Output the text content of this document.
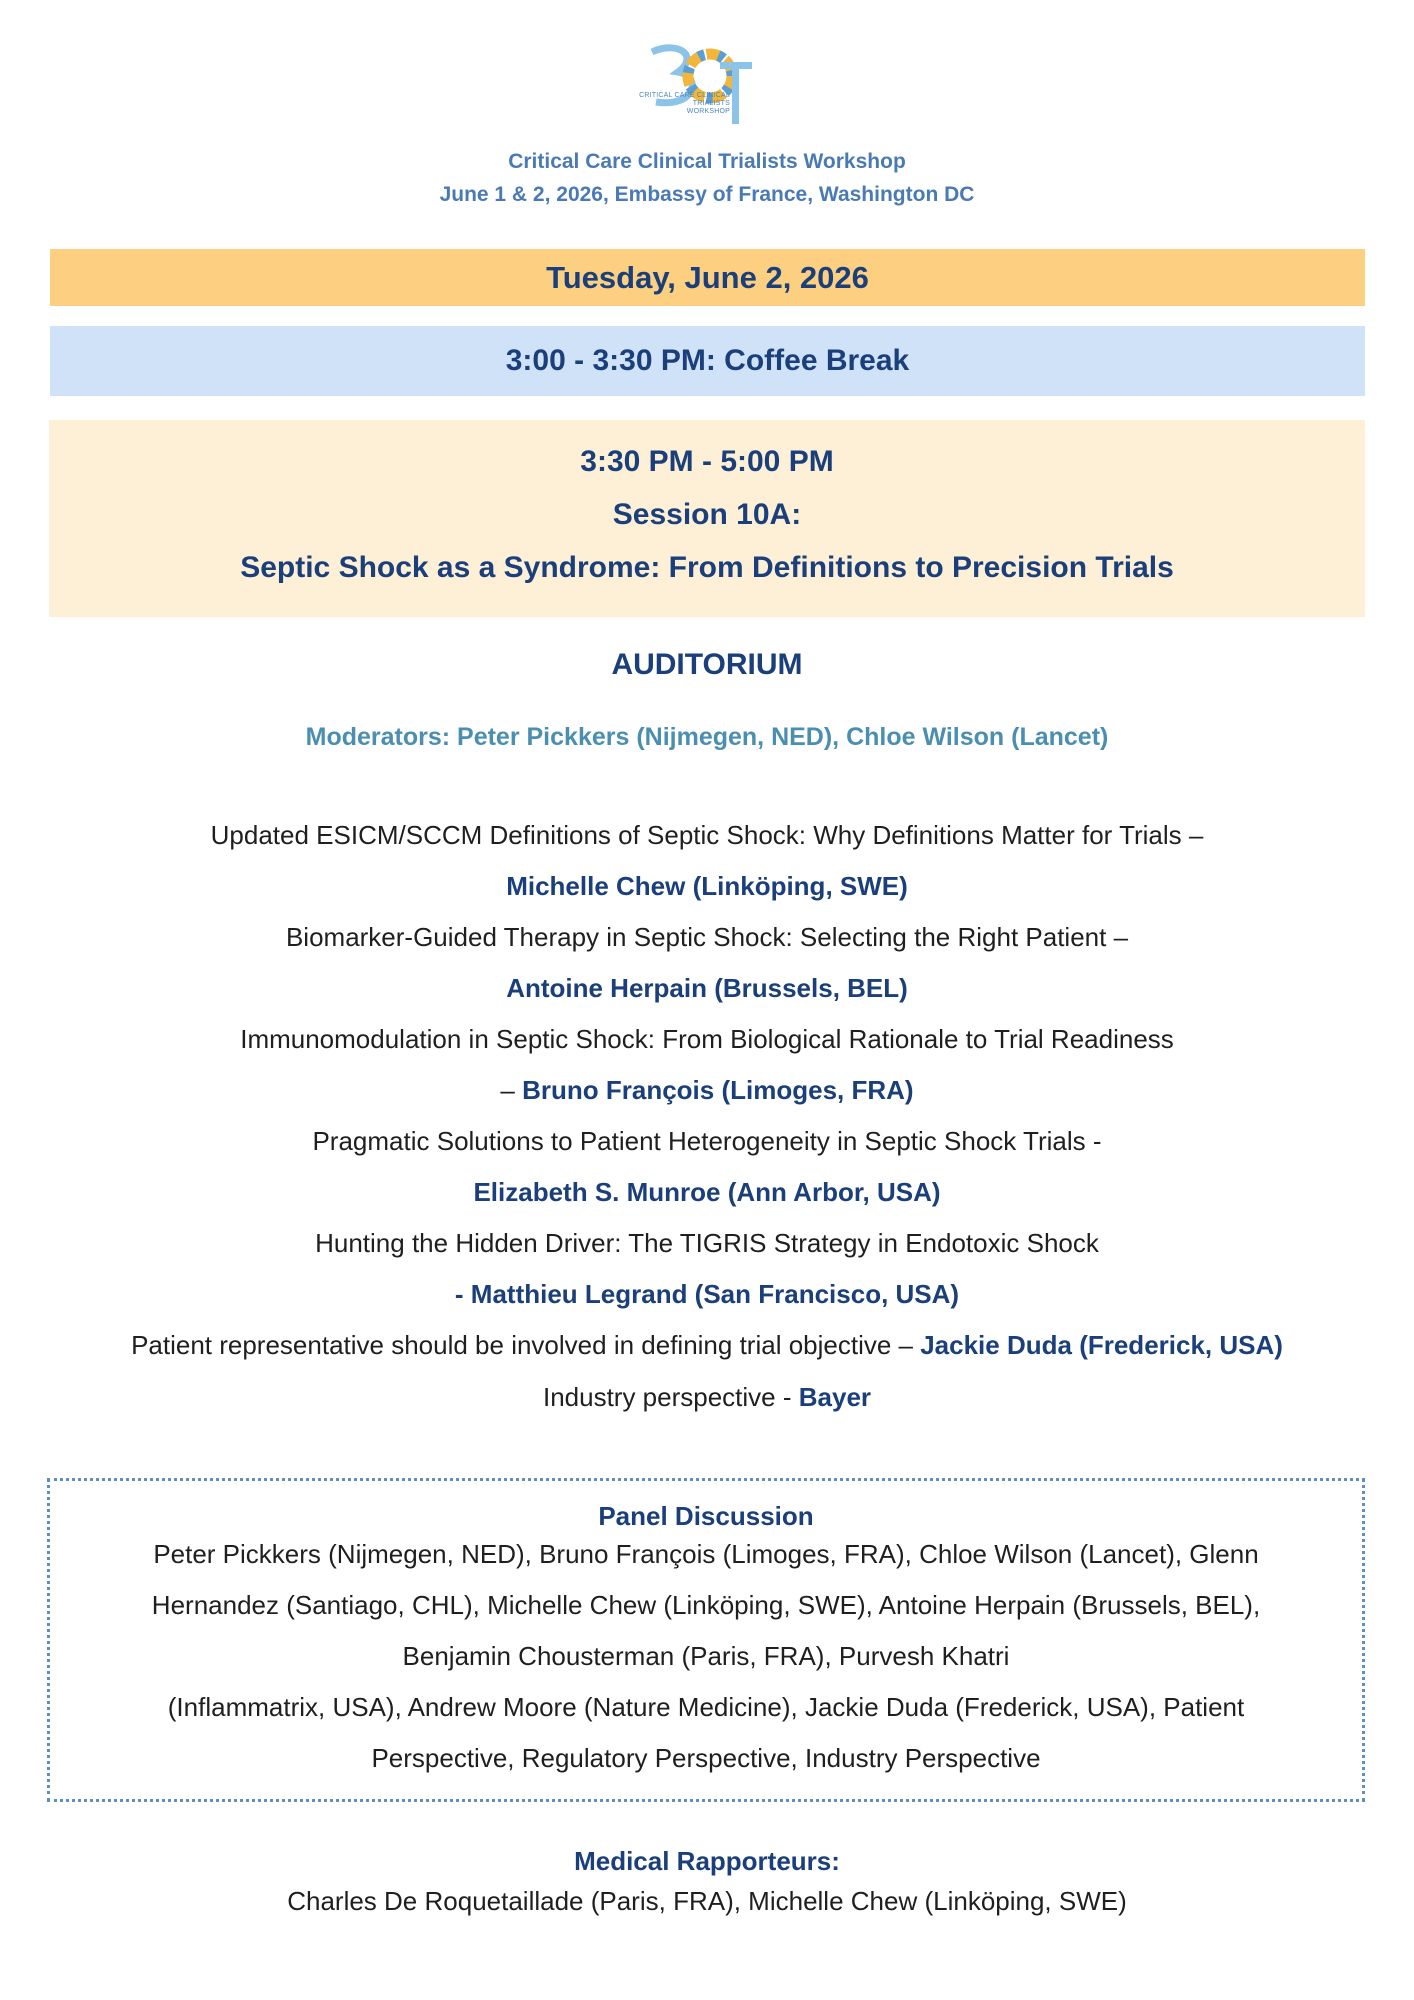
CRITICAL CARE CLINICAL
TRIALISTS
WORKSHOP
Critical Care Clinical Trialists Workshop
June 1 & 2, 2026, Embassy of France, Washington DC
Tuesday, June 2, 2026
3:00 - 3:30 PM: Coffee Break
3:30 PM - 5:00 PM
Session 10A:
Septic Shock as a Syndrome: From Definitions to Precision Trials
AUDITORIUM
Moderators: Peter Pickkers (Nijmegen, NED), Chloe Wilson (Lancet)
Updated ESICM/SCCM Definitions of Septic Shock: Why Definitions Matter for Trials –
Michelle Chew (Linköping, SWE)
Biomarker-Guided Therapy in Septic Shock: Selecting the Right Patient –
Antoine Herpain (Brussels, BEL)
Immunomodulation in Septic Shock: From Biological Rationale to Trial Readiness
– Bruno François (Limoges, FRA)
Pragmatic Solutions to Patient Heterogeneity in Septic Shock Trials -
Elizabeth S. Munroe (Ann Arbor, USA)
Hunting the Hidden Driver: The TIGRIS Strategy in Endotoxic Shock
- Matthieu Legrand (San Francisco, USA)
Patient representative should be involved in defining trial objective – Jackie Duda (Frederick, USA)
Industry perspective - Bayer
Panel Discussion
Peter Pickkers (Nijmegen, NED), Bruno François (Limoges, FRA), Chloe Wilson (Lancet), Glenn
Hernandez (Santiago, CHL), Michelle Chew (Linköping, SWE), Antoine Herpain (Brussels, BEL),
Benjamin Chousterman (Paris, FRA), Purvesh Khatri
(Inflammatrix, USA), Andrew Moore (Nature Medicine), Jackie Duda (Frederick, USA), Patient
Perspective, Regulatory Perspective, Industry Perspective
Medical Rapporteurs:
Charles De Roquetaillade (Paris, FRA), Michelle Chew (Linköping, SWE)
